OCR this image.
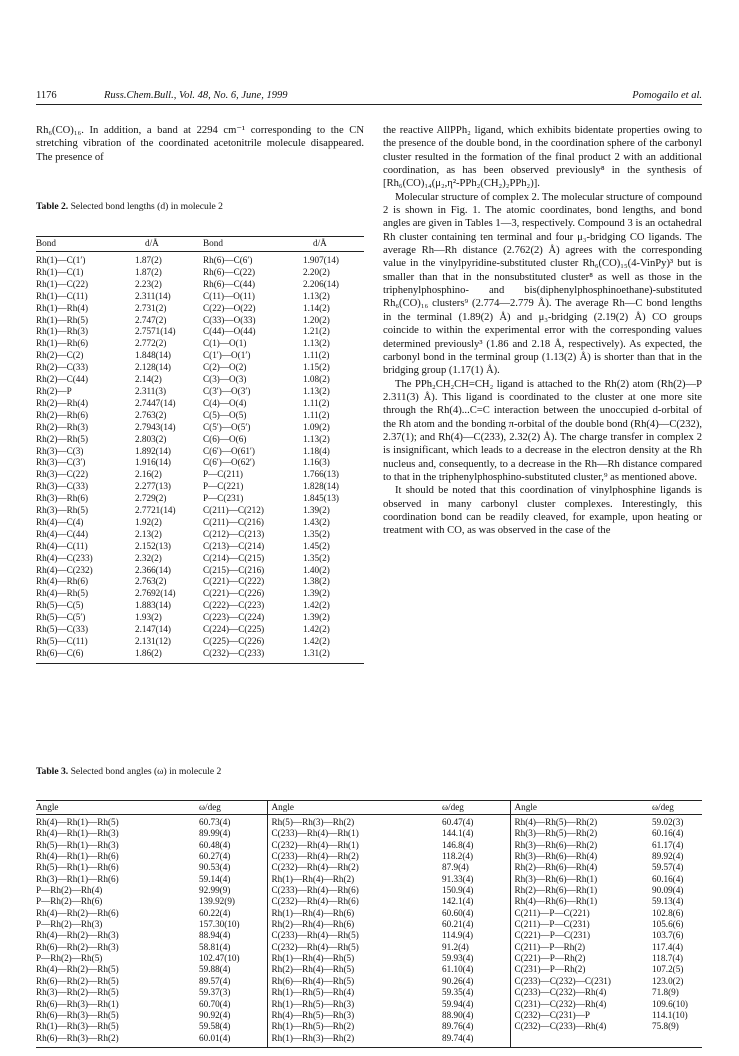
1176	Russ.Chem.Bull., Vol. 48, No. 6, June, 1999	Pomogailo et al.

Rh₆(CO)₁₆. In addition, a band at 2294 cm⁻¹ corresponding to the CN stretching vibration of the coordinated acetonitrile molecule disappeared. The presence of

Table 2. Selected bond lengths (d) in molecule 2
Bond	d/Å	Bond	d/Å
Rh(1)—C(1′)	1.87(2)	Rh(6)—C(6′)	1.907(14)
Rh(1)—C(1)	1.87(2)	Rh(6)—C(22)	2.20(2)
Rh(1)—C(22)	2.23(2)	Rh(6)—C(44)	2.206(14)
Rh(1)—C(11)	2.311(14)	C(11)—O(11)	1.13(2)
Rh(1)—Rh(4)	2.731(2)	C(22)—O(22)	1.14(2)
Rh(1)—Rh(5)	2.747(2)	C(33)—O(33)	1.20(2)
Rh(1)—Rh(3)	2.7571(14)	C(44)—O(44)	1.21(2)
Rh(1)—Rh(6)	2.772(2)	C(1)—O(1)	1.13(2)
Rh(2)—C(2)	1.848(14)	C(1′)—O(1′)	1.11(2)
Rh(2)—C(33)	2.128(14)	C(2)—O(2)	1.15(2)
Rh(2)—C(44)	2.14(2)	C(3)—O(3)	1.08(2)
Rh(2)—P	2.311(3)	C(3′)—O(3′)	1.13(2)
Rh(2)—Rh(4)	2.7447(14)	C(4)—O(4)	1.11(2)
Rh(2)—Rh(6)	2.763(2)	C(5)—O(5)	1.11(2)
Rh(2)—Rh(3)	2.7943(14)	C(5′)—O(5′)	1.09(2)
Rh(2)—Rh(5)	2.803(2)	C(6)—O(6)	1.13(2)
Rh(3)—C(3)	1.892(14)	C(6′)—O(61′)	1.18(4)
Rh(3)—C(3′)	1.916(14)	C(6′)—O(62′)	1.16(3)
Rh(3)—C(22)	2.16(2)	P—C(211)	1.766(13)
Rh(3)—C(33)	2.277(13)	P—C(221)	1.828(14)
Rh(3)—Rh(6)	2.729(2)	P—C(231)	1.845(13)
Rh(3)—Rh(5)	2.7721(14)	C(211)—C(212)	1.39(2)
Rh(4)—C(4)	1.92(2)	C(211)—C(216)	1.43(2)
Rh(4)—C(44)	2.13(2)	C(212)—C(213)	1.35(2)
Rh(4)—C(11)	2.152(13)	C(213)—C(214)	1.45(2)
Rh(4)—C(233)	2.32(2)	C(214)—C(215)	1.35(2)
Rh(4)—C(232)	2.366(14)	C(215)—C(216)	1.40(2)
Rh(4)—Rh(6)	2.763(2)	C(221)—C(222)	1.38(2)
Rh(4)—Rh(5)	2.7692(14)	C(221)—C(226)	1.39(2)
Rh(5)—C(5)	1.883(14)	C(222)—C(223)	1.42(2)
Rh(5)—C(5′)	1.93(2)	C(223)—C(224)	1.39(2)
Rh(5)—C(33)	2.147(14)	C(224)—C(225)	1.42(2)
Rh(5)—C(11)	2.131(12)	C(225)—C(226)	1.42(2)
Rh(6)—C(6)	1.86(2)	C(232)—C(233)	1.31(2)

the reactive AllPPh₂ ligand, which exhibits bidentate properties owing to the presence of the double bond, in the coordination sphere of the carbonyl cluster resulted in the formation of the final product 2 with an additional coordination, as has been observed previously⁸ in the synthesis of [Rh₆(CO)₁₄(μ₂,η²-PPh₂(CH₂)₂PPh₂)].

Molecular structure of complex 2. The molecular structure of compound 2 is shown in Fig. 1. The atomic coordinates, bond lengths, and bond angles are given in Tables 1—3, respectively. Compound 3 is an octahedral Rh cluster containing ten terminal and four μ₃-bridging CO ligands. The average Rh—Rh distance (2.762(2) Å) agrees with the corresponding value in the vinylpyridine-substituted cluster Rh₆(CO)₁₅(4-VinPy)³ but is smaller than that in the nonsubstituted cluster⁸ as well as those in the triphenylphosphino- and bis(diphenylphosphinoethane)-substituted Rh₆(CO)₁₆ clusters⁹ (2.774—2.779 Å). The average Rh—C bond lengths in the terminal (1.89(2) Å) and μ₃-bridging (2.19(2) Å) CO groups coincide to within the experimental error with the corresponding values determined previously³ (1.86 and 2.18 Å, respectively). As expected, the carbonyl bond in the terminal group (1.13(2) Å) is shorter than that in the bridging group (1.17(1) Å).

The PPh₂CH₂CH=CH₂ ligand is attached to the Rh(2) atom (Rh(2)—P 2.311(3) Å). This ligand is coordinated to the cluster at one more site through the Rh(4)...C=C interaction between the unoccupied d-orbital of the Rh atom and the bonding π-orbital of the double bond (Rh(4)—C(232), 2.37(1); and Rh(4)—C(233), 2.32(2) Å). The charge transfer in complex 2 is insignificant, which leads to a decrease in the electron density at the Rh nucleus and, consequently, to a decrease in the Rh—Rh distance compared to that in the triphenylphosphino-substituted cluster,⁹ as mentioned above.

It should be noted that this coordination of vinylphosphine ligands is observed in many carbonyl cluster complexes. Interestingly, this coordination bond can be readily cleaved, for example, upon heating or treatment with CO, as was observed in the case of the

Table 3. Selected bond angles (ω) in molecule 2
Angle	ω/deg	Angle	ω/deg	Angle	ω/deg
Rh(4)—Rh(1)—Rh(5)	60.73(4)	Rh(5)—Rh(3)—Rh(2)	60.47(4)	Rh(4)—Rh(5)—Rh(2)	59.02(3)
Rh(4)—Rh(1)—Rh(3)	89.99(4)	C(233)—Rh(4)—Rh(1)	144.1(4)	Rh(3)—Rh(5)—Rh(2)	60.16(4)
Rh(5)—Rh(1)—Rh(3)	60.48(4)	C(232)—Rh(4)—Rh(1)	146.8(4)	Rh(3)—Rh(6)—Rh(2)	61.17(4)
Rh(4)—Rh(1)—Rh(6)	60.27(4)	C(233)—Rh(4)—Rh(2)	118.2(4)	Rh(3)—Rh(6)—Rh(4)	89.92(4)
Rh(5)—Rh(1)—Rh(6)	90.53(4)	C(232)—Rh(4)—Rh(2)	87.9(4)	Rh(2)—Rh(6)—Rh(4)	59.57(4)
Rh(3)—Rh(1)—Rh(6)	59.14(4)	Rh(1)—Rh(4)—Rh(2)	91.33(4)	Rh(3)—Rh(6)—Rh(1)	60.16(4)
P—Rh(2)—Rh(4)	92.99(9)	C(233)—Rh(4)—Rh(6)	150.9(4)	Rh(2)—Rh(6)—Rh(1)	90.09(4)
P—Rh(2)—Rh(6)	139.92(9)	C(232)—Rh(4)—Rh(6)	142.1(4)	Rh(4)—Rh(6)—Rh(1)	59.13(4)
Rh(4)—Rh(2)—Rh(6)	60.22(4)	Rh(1)—Rh(4)—Rh(6)	60.60(4)	C(211)—P—C(221)	102.8(6)
P—Rh(2)—Rh(3)	157.30(10)	Rh(2)—Rh(4)—Rh(6)	60.21(4)	C(211)—P—C(231)	105.6(6)
Rh(4)—Rh(2)—Rh(3)	88.94(4)	C(233)—Rh(4)—Rh(5)	114.9(4)	C(221)—P—C(231)	103.7(6)
Rh(6)—Rh(2)—Rh(3)	58.81(4)	C(232)—Rh(4)—Rh(5)	91.2(4)	C(211)—P—Rh(2)	117.4(4)
P—Rh(2)—Rh(5)	102.47(10)	Rh(1)—Rh(4)—Rh(5)	59.93(4)	C(221)—P—Rh(2)	118.7(4)
Rh(4)—Rh(2)—Rh(5)	59.88(4)	Rh(2)—Rh(4)—Rh(5)	61.10(4)	C(231)—P—Rh(2)	107.2(5)
Rh(6)—Rh(2)—Rh(5)	89.57(4)	Rh(6)—Rh(4)—Rh(5)	90.26(4)	C(233)—C(232)—C(231)	123.0(2)
Rh(3)—Rh(2)—Rh(5)	59.37(3)	Rh(1)—Rh(5)—Rh(4)	59.35(4)	C(233)—C(232)—Rh(4)	71.8(9)
Rh(6)—Rh(3)—Rh(1)	60.70(4)	Rh(1)—Rh(5)—Rh(3)	59.94(4)	C(231)—C(232)—Rh(4)	109.6(10)
Rh(6)—Rh(3)—Rh(5)	90.92(4)	Rh(4)—Rh(5)—Rh(3)	88.90(4)	C(232)—C(231)—P	114.1(10)
Rh(1)—Rh(3)—Rh(5)	59.58(4)	Rh(1)—Rh(5)—Rh(2)	89.76(4)	C(232)—C(233)—Rh(4)	75.8(9)
Rh(6)—Rh(3)—Rh(2)	60.01(4)	Rh(1)—Rh(3)—Rh(2)	89.74(4)		
